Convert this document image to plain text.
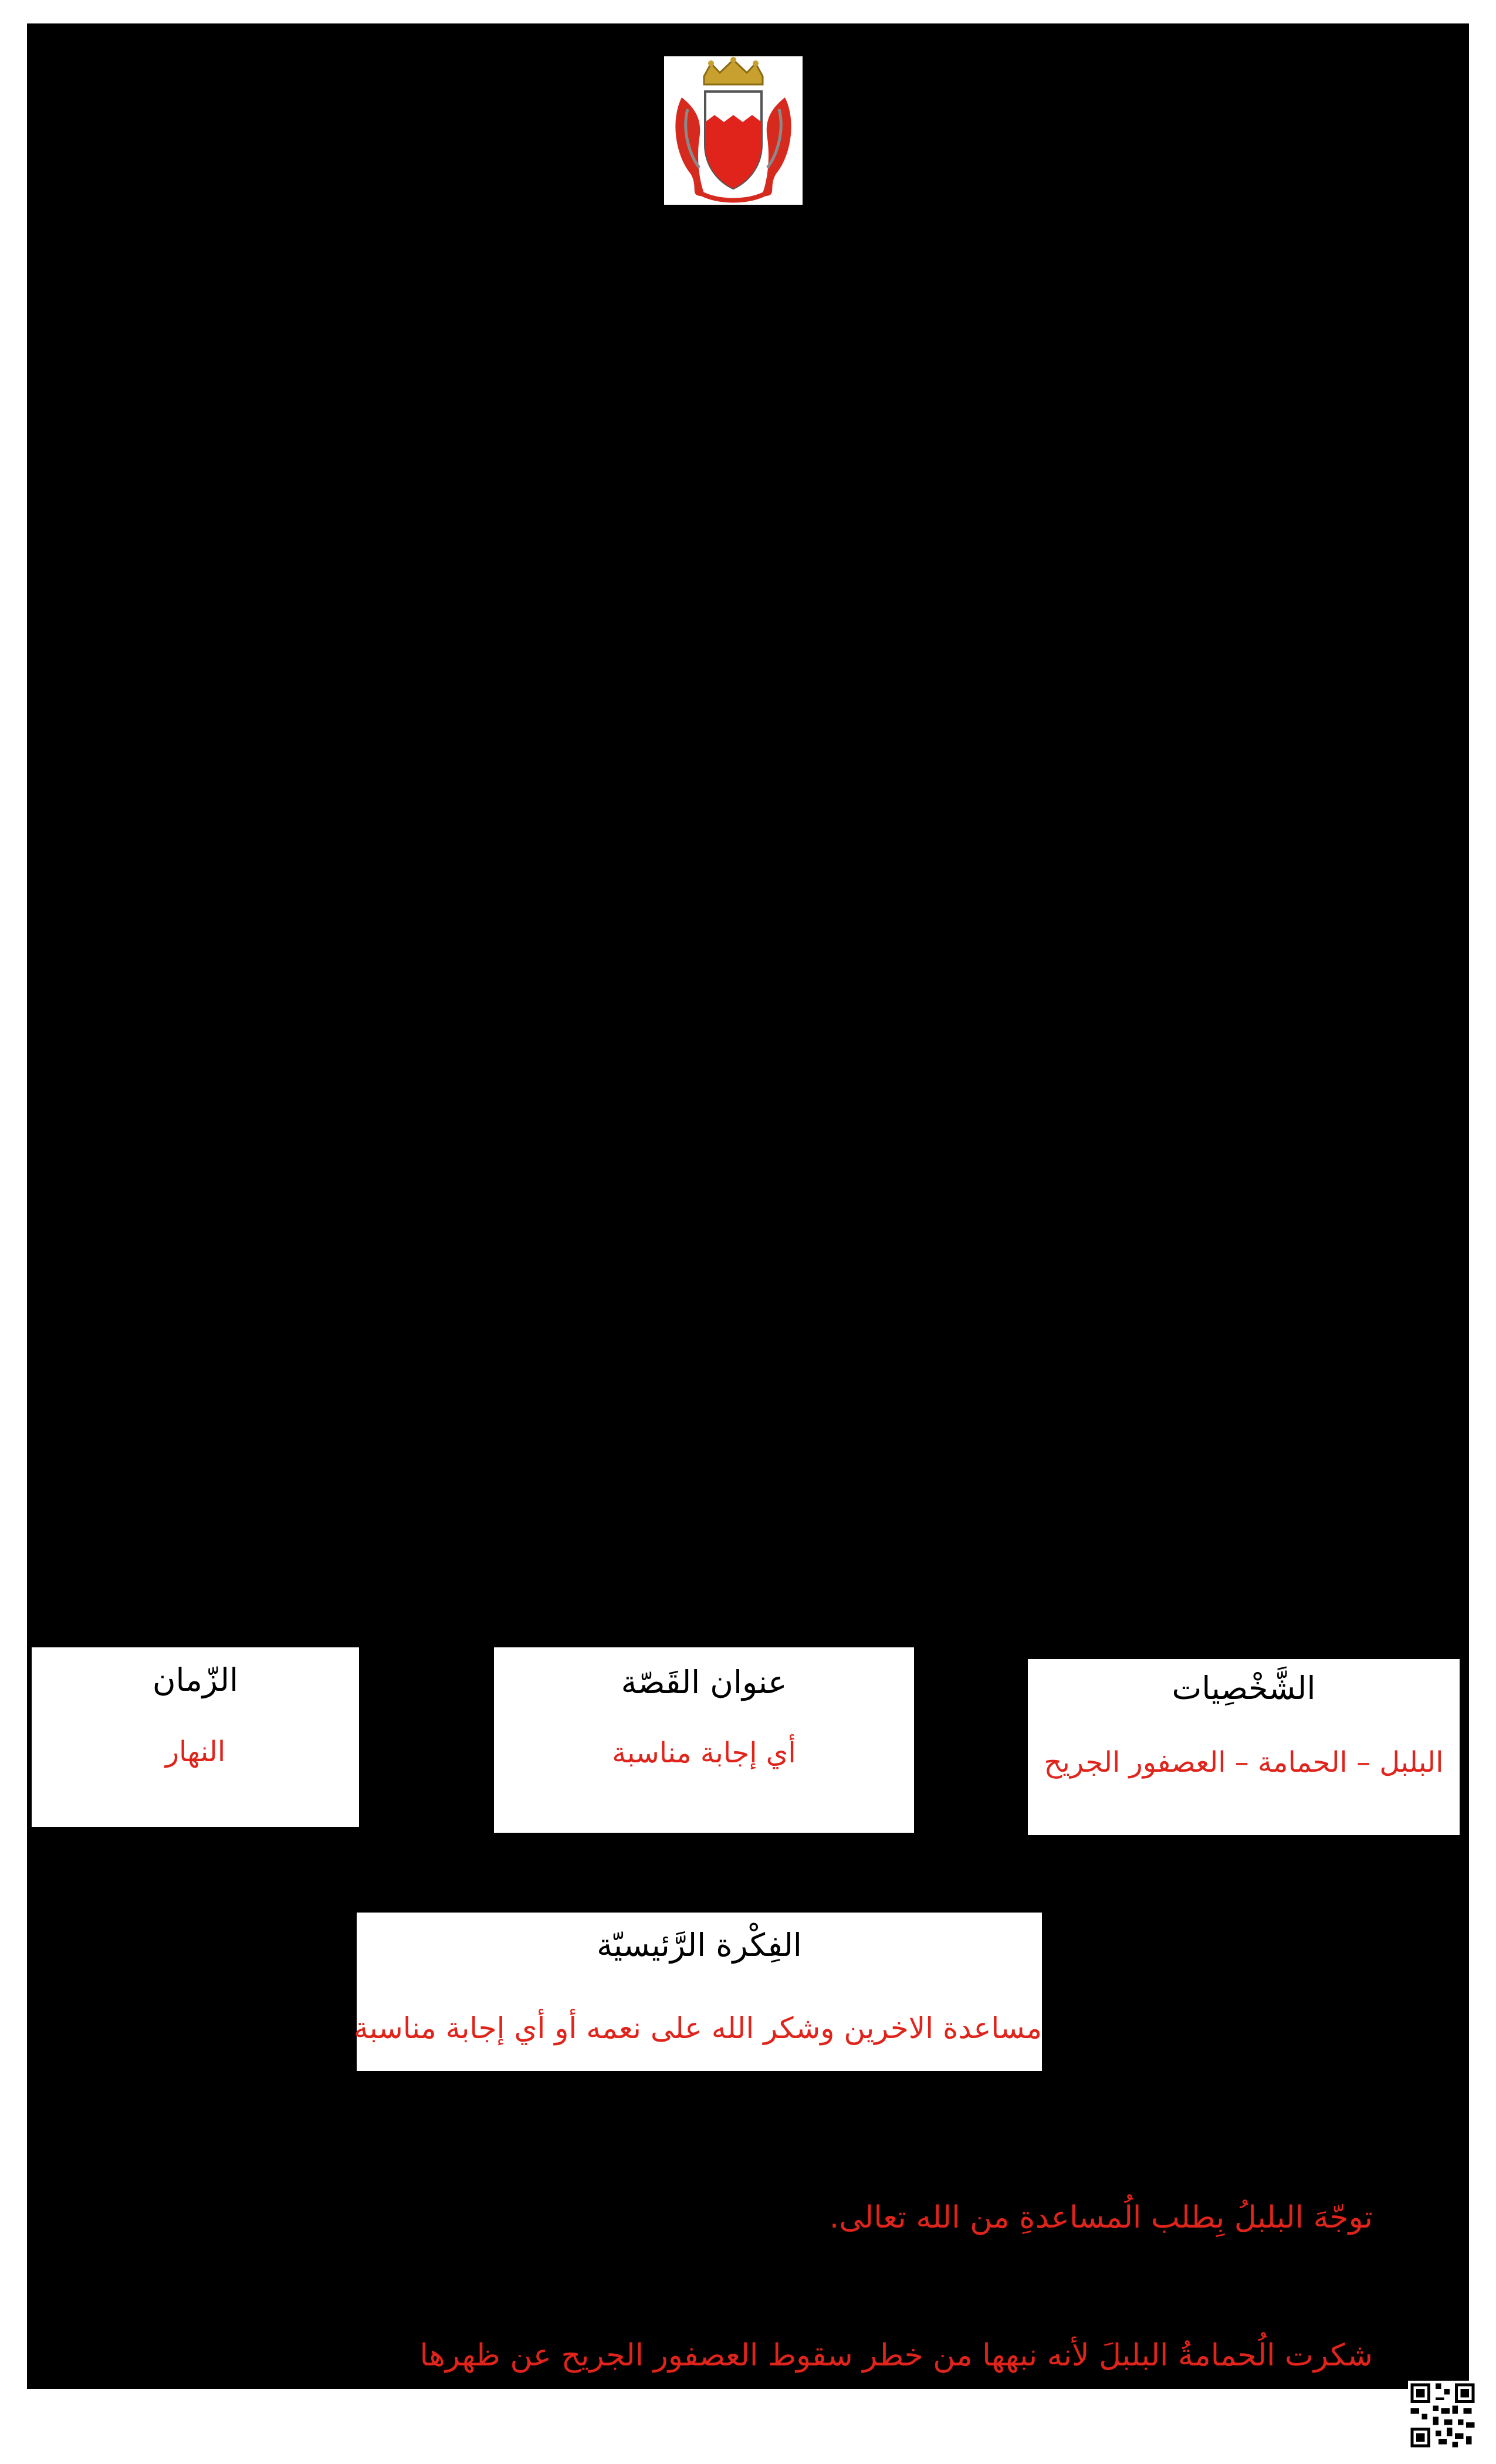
الزّمان
النهار
عنوان القَصّة
أي إجابة مناسبة
الشَّخْصِيات
البلبل – الحمامة – العصفور الجريح
الفِكْرة الرَّئيسيّة
مساعدة الاخرين وشكر الله على نعمه أو أي إجابة مناسبة
توجّهَ البلبلُ بِطلب الُمساعدةِ من الله تعالى.
شكرت الُحمامةُ البلبلَ لأنه نبهها من خطر سقوط العصفور الجريح عن ظهرها
